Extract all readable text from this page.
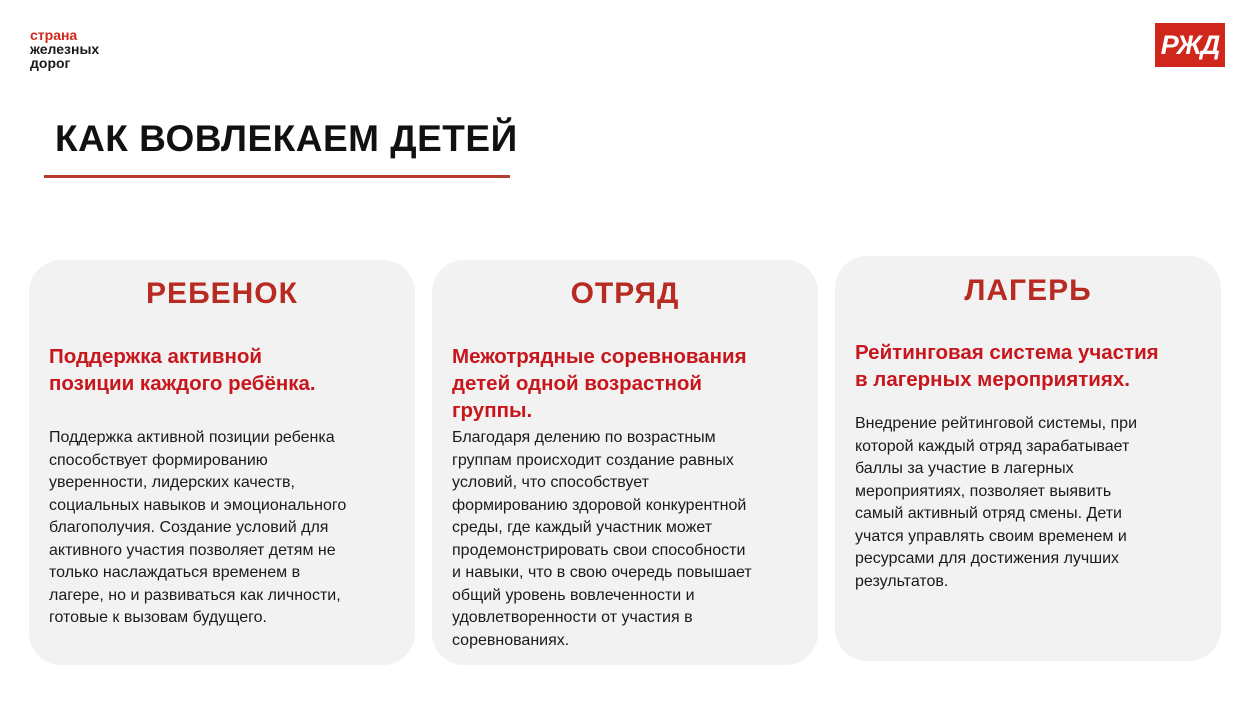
страна
железных
дорог
РЖД
КАК ВОВЛЕКАЕМ ДЕТЕЙ
РЕБЕНОК
Поддержка активной
позиции каждого ребёнка.
Поддержка активной позиции ребенка
способствует формированию
уверенности, лидерских качеств,
социальных навыков и эмоционального
благополучия. Создание условий для
активного участия позволяет детям не
только наслаждаться временем в
лагере, но и развиваться как личности,
готовые к вызовам будущего.
ОТРЯД
Межотрядные соревнования
детей одной возрастной
группы.
Благодаря делению по возрастным
группам происходит создание равных
условий, что способствует
формированию здоровой конкурентной
среды, где каждый участник может
продемонстрировать свои способности
и навыки, что в свою очередь повышает
общий уровень вовлеченности и
удовлетворенности от участия в
соревнованиях.
ЛАГЕРЬ
Рейтинговая система участия
в лагерных мероприятиях.
Внедрение рейтинговой системы, при
которой каждый отряд зарабатывает
баллы за участие в лагерных
мероприятиях, позволяет выявить
самый активный отряд смены. Дети
учатся управлять своим временем и
ресурсами для достижения лучших
результатов.
